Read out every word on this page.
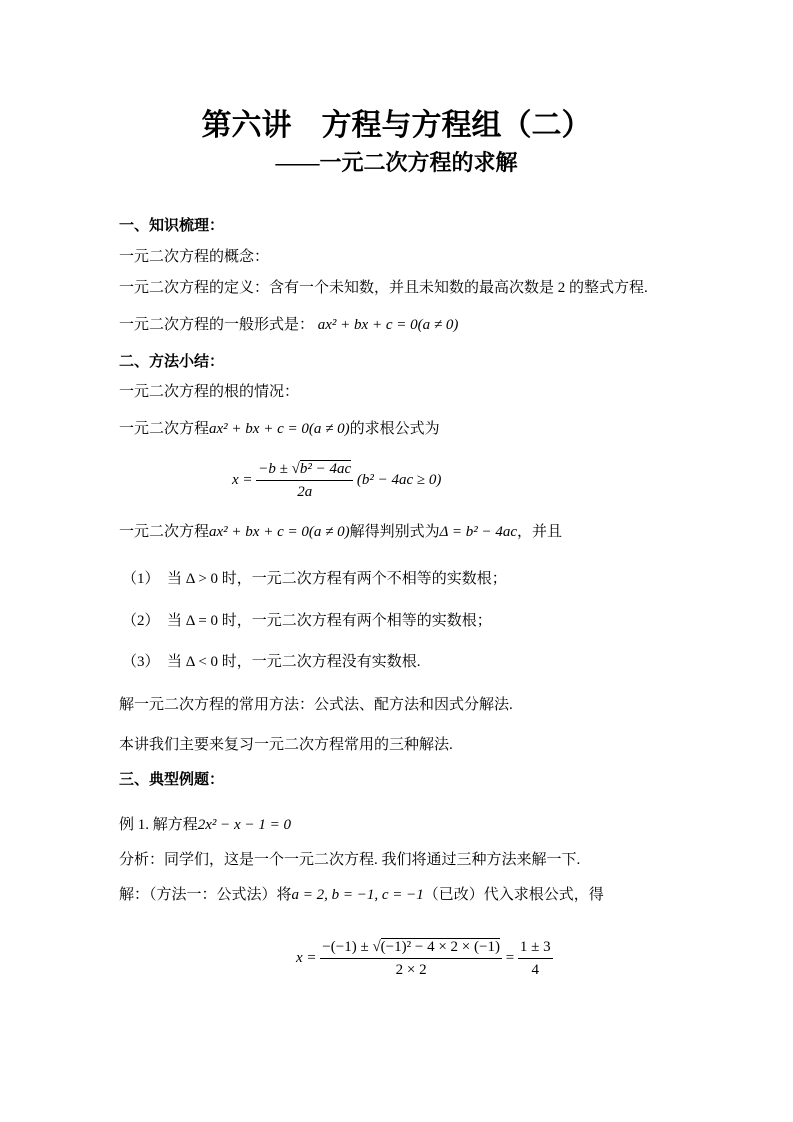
第六讲　方程与方程组（二）
——一元二次方程的求解
一、知识梳理：
一元二次方程的概念：
一元二次方程的定义：含有一个未知数，并且未知数的最高次数是 2 的整式方程.
一元二次方程的一般形式是： ax² + bx + c = 0(a ≠ 0)
二、方法小结：
一元二次方程的根的情况：
一元二次方程ax² + bx + c = 0(a ≠ 0)的求根公式为
$x = \frac{\text{−b ± √b² − 4ac}}{2a} (b^2 - 4ac \ge 0)$
一元二次方程ax² + bx + c = 0(a ≠ 0)解得判别式为Δ = b² − 4ac，并且
（1） 当 Δ > 0 时，一元二次方程有两个不相等的实数根；
（2） 当 Δ = 0 时，一元二次方程有两个相等的实数根；
（3） 当 Δ < 0 时，一元二次方程没有实数根.
解一元二次方程的常用方法：公式法、配方法和因式分解法.
本讲我们主要来复习一元二次方程常用的三种解法.
三、典型例题：
例 1. 解方程2x² − x − 1 = 0
分析：同学们，这是一个一元二次方程. 我们将通过三种方法来解一下.
解：（方法一：公式法）将a = 2, b = −1, c = −1（已改）代入求根公式，得
$x = \frac{\text{−(−1) ± √(−1)² − 4 × 2 × (−1)}}{2 \times 2} = \frac{1 \pm 3}{4}$
